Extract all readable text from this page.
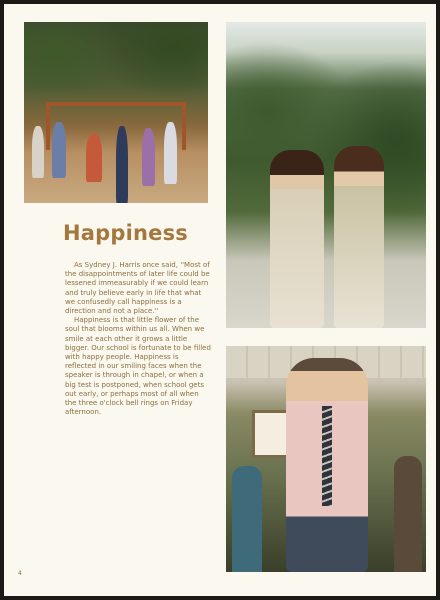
Happiness

As Sydney J. Harris once said, ''Most of the disappointments of later life could be lessened immeasurably if we could learn and truly believe early in life that what we confusedly call happiness is a direction and not a place.''

Happiness is that little flower of the soul that blooms within us all. When we smile at each other it grows a little bigger. Our school is fortunate to be filled with happy people. Happiness is reflected in our smiling faces when the speaker is through in chapel, or when a big test is postponed, when school gets out early, or perhaps most of all when the three o'clock bell rings on Friday afternoon.

4
